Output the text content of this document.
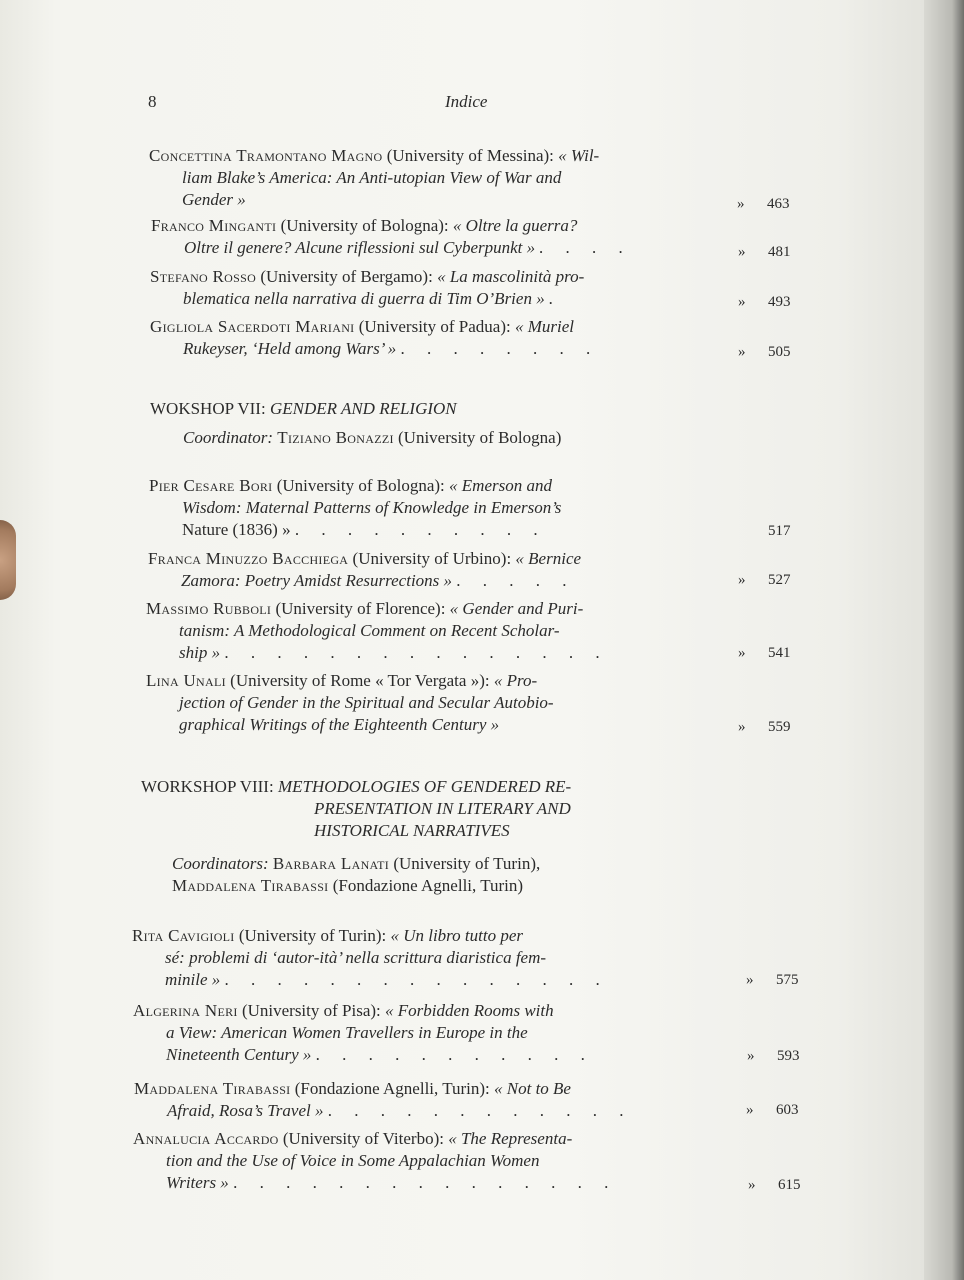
8	Indice
Concettina Tramontano Magno (University of Messina): « Wil-
liam Blake’s America: An Anti-utopian View of War and
Gender »	» 463
Franco Minganti (University of Bologna): « Oltre la guerra?
Oltre il genere? Alcune riflessioni sul Cyberpunkt » . . . .	» 481
Stefano Rosso (University of Bergamo): « La mascolinità pro-
blematica nella narrativa di guerra di Tim O’Brien » .	» 493
Gigliola Sacerdoti Mariani (University of Padua): « Muriel
Rukeyser, ‘Held among Wars’ » . . . . . . . .	» 505
WOKSHOP VII: GENDER AND RELIGION
Coordinator: Tiziano Bonazzi (University of Bologna)
Pier Cesare Bori (University of Bologna): « Emerson and
Wisdom: Maternal Patterns of Knowledge in Emerson’s
Nature (1836) » . . . . . . . . . .	517
Franca Minuzzo Bacchiega (University of Urbino): « Bernice
Zamora: Poetry Amidst Resurrections » . . . . .	» 527
Massimo Rubboli (University of Florence): « Gender and Puri-
tanism: A Methodological Comment on Recent Scholar-
ship » . . . . . . . . . . . . . . .	» 541
Lina Unali (University of Rome « Tor Vergata »): « Pro-
jection of Gender in the Spiritual and Secular Autobio-
graphical Writings of the Eighteenth Century »	» 559
WORKSHOP VIII: METHODOLOGIES OF GENDERED RE-
PRESENTATION IN LITERARY AND
HISTORICAL NARRATIVES
Coordinators: Barbara Lanati (University of Turin),
Maddalena Tirabassi (Fondazione Agnelli, Turin)
Rita Cavigioli (University of Turin): « Un libro tutto per
sé: problemi di ‘autor-ità’ nella scrittura diaristica fem-
minile » . . . . . . . . . . . . . . .	» 575
Algerina Neri (University of Pisa): « Forbidden Rooms with
a View: American Women Travellers in Europe in the
Nineteenth Century » . . . . . . . . . . .	» 593
Maddalena Tirabassi (Fondazione Agnelli, Turin): « Not to Be
Afraid, Rosa’s Travel » . . . . . . . . . . . .	» 603
Annalucia Accardo (University of Viterbo): « The Representa-
tion and the Use of Voice in Some Appalachian Women
Writers » . . . . . . . . . . . . . . .	» 615
